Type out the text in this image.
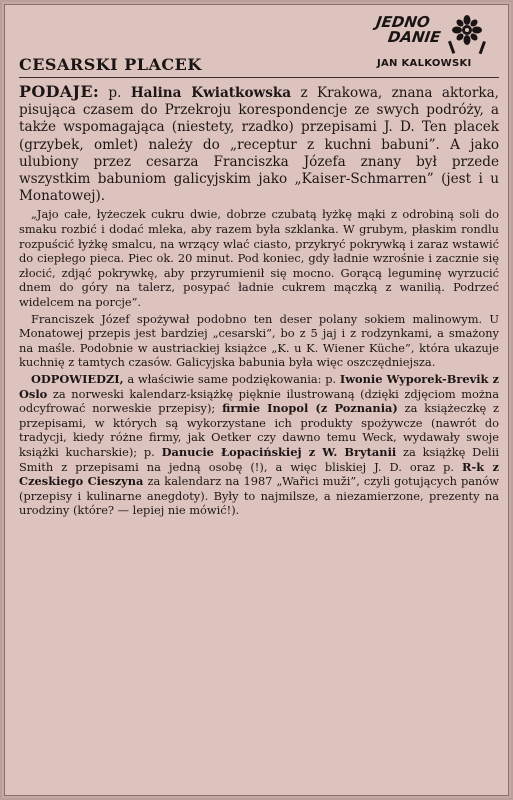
CESARSKI PLACEK
JEDNO
DANIE
JAN KALKOWSKI

PODAJE: p. Halina Kwiatkowska z Krakowa, znana aktorka, pisująca czasem do Przekroju korespondencje ze swych podróży, a także wspomagająca (niestety, rzadko) przepisami J. D. Ten placek (grzybek, omlet) należy do „receptur z kuchni babuni”. A jako ulubiony przez cesarza Franciszka Józefa znany był przede wszystkim babuniom galicyjskim jako „Kaiser-Schmarren” (jest i u Monatowej).

„Jajo całe, łyżeczek cukru dwie, dobrze czubatą łyżkę mąki z odrobiną soli do smaku rozbić i dodać mleka, aby razem była szklanka. W grubym, płaskim rondlu rozpuścić łyżkę smalcu, na wrzący wlać ciasto, przykryć pokrywką i zaraz wstawić do ciepłego pieca. Piec ok. 20 minut. Pod koniec, gdy ładnie wzrośnie i zacznie się złocić, zdjąć pokrywkę, aby przyrumienił się mocno. Gorącą leguminę wyrzucić dnem do góry na talerz, posypać ładnie cukrem mączką z wanilią. Podrzeć widelcem na porcje”.

Franciszek Józef spożywał podobno ten deser polany sokiem malinowym. U Monatowej przepis jest bardziej „cesarski”, bo z 5 jaj i z rodzynkami, a smażony na maśle. Podobnie w austriackiej książce „K. u K. Wiener Küche”, która ukazuje kuchnię z tamtych czasów. Galicyjska babunia była więc oszczędniejsza.

ODPOWIEDZI, a właściwie same podziękowania: p. Iwonie Wyporek-Brevik z Oslo za norweski kalendarz-książkę pięknie ilustrowaną (dzięki zdjęciom można odcyfrować norweskie przepisy); firmie Inopol (z Poznania) za książeczkę z przepisami, w których są wykorzystane ich produkty spożywcze (nawrót do tradycji, kiedy różne firmy, jak Oetker czy dawno temu Weck, wydawały swoje książki kucharskie); p. Danucie Łopacińskiej z W. Brytanii za książkę Delii Smith z przepisami na jedną osobę (!), a więc bliskiej J. D. oraz p. R-k z Czeskiego Cieszyna za kalendarz na 1987 „Wařici muži”, czyli gotujących panów (przepisy i kulinarne anegdoty). Były to najmilsze, a niezamierzone, prezenty na urodziny (które? — lepiej nie mówić!).
